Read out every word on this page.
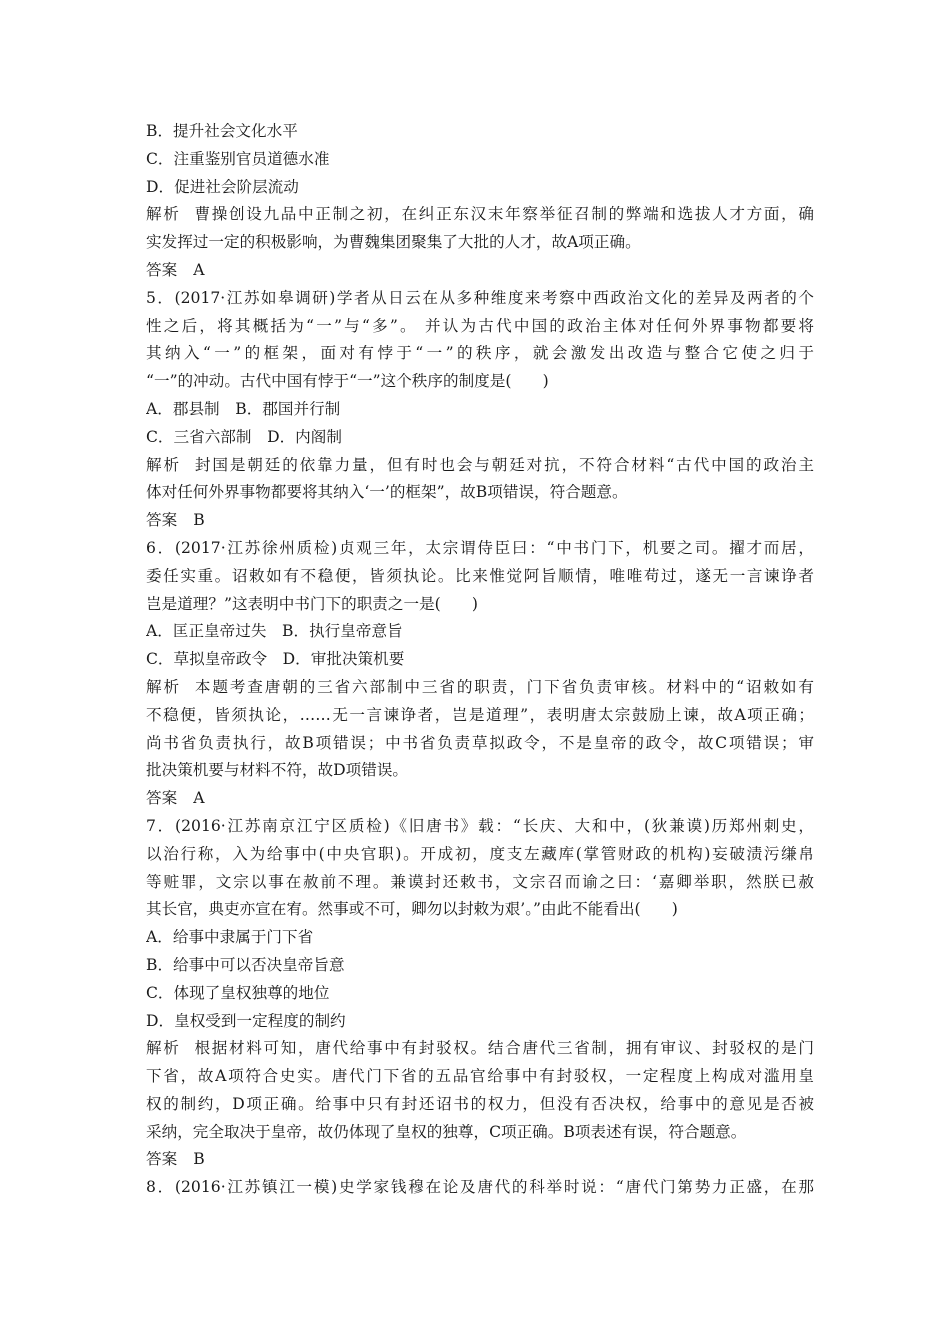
B．提升社会文化水平
C．注重鉴别官员道德水准
D．促进社会阶层流动
解析 曹操创设九品中正制之初，在纠正东汉末年察举征召制的弊端和选拔人才方面，确
实发挥过一定的积极影响，为曹魏集团聚集了大批的人才，故A项正确。
答案 A
5．(2017·江苏如皋调研)学者从日云在从多种维度来考察中西政治文化的差异及两者的个
性之后，将其概括为“一”与“多”。 并认为古代中国的政治主体对任何外界事物都要将
其纳入“一”的框架，面对有悖于“一”的秩序，就会激发出改造与整合它使之归于
“一”的冲动。古代中国有悖于“一”这个秩序的制度是(　　)
A．郡县制　B．郡国并行制
C．三省六部制　D．内阁制
解析 封国是朝廷的依靠力量，但有时也会与朝廷对抗，不符合材料“古代中国的政治主
体对任何外界事物都要将其纳入‘一’的框架”，故B项错误，符合题意。
答案 B
6．(2017·江苏徐州质检)贞观三年，太宗谓侍臣曰：“中书门下，机要之司。擢才而居，
委任实重。诏敕如有不稳便，皆须执论。比来惟觉阿旨顺情，唯唯苟过，遂无一言谏诤者
岂是道理？”这表明中书门下的职责之一是(　　)
A．匡正皇帝过失　B．执行皇帝意旨
C．草拟皇帝政令　D．审批决策机要
解析 本题考查唐朝的三省六部制中三省的职责，门下省负责审核。材料中的“诏敕如有
不稳便，皆须执论，……无一言谏诤者，岂是道理”，表明唐太宗鼓励上谏，故A项正确；
尚书省负责执行，故B项错误；中书省负责草拟政令，不是皇帝的政令，故C项错误；审
批决策机要与材料不符，故D项错误。
答案 A
7．(2016·江苏南京江宁区质检)《旧唐书》载：“长庆、大和中，(狄兼谟)历郑州刺史，
以治行称，入为给事中(中央官职)。开成初，度支左藏库(掌管财政的机构)妄破渍污缣帛
等赃罪，文宗以事在赦前不理。兼谟封还敕书，文宗召而谕之曰：‘嘉卿举职，然朕已赦
其长官，典吏亦宣在宥。然事或不可，卿勿以封敕为艰’。”由此不能看出(　　)
A．给事中隶属于门下省
B．给事中可以否决皇帝旨意
C．体现了皇权独尊的地位
D．皇权受到一定程度的制约
解析 根据材料可知，唐代给事中有封驳权。结合唐代三省制，拥有审议、封驳权的是门
下省，故A项符合史实。唐代门下省的五品官给事中有封驳权，一定程度上构成对滥用皇
权的制约，D项正确。给事中只有封还诏书的权力，但没有否决权，给事中的意见是否被
采纳，完全取决于皇帝，故仍体现了皇权的独尊，C项正确。B项表述有误，符合题意。
答案 B
8．(2016·江苏镇江一模)史学家钱穆在论及唐代的科举时说：“唐代门第势力正盛，在那
